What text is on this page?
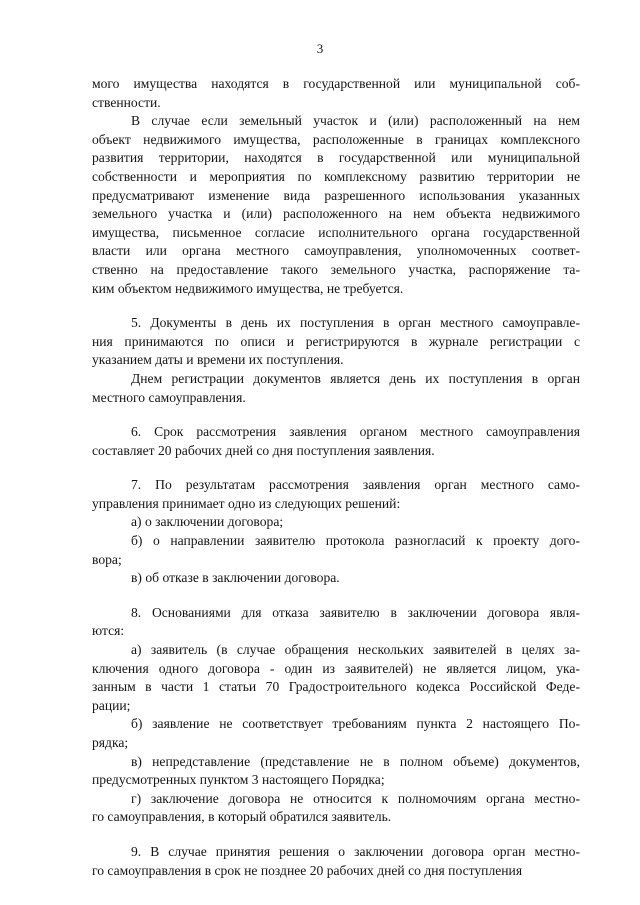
3
мого имущества находятся в государственной или муниципальной соб-
ственности.
В случае если земельный участок и (или) расположенный на нем
объект недвижимого имущества, расположенные в границах комплексного
развития территории, находятся в государственной или муниципальной
собственности и мероприятия по комплексному развитию территории не
предусматривают изменение вида разрешенного использования указанных
земельного участка и (или) расположенного на нем объекта недвижимого
имущества, письменное согласие исполнительного органа государственной
власти или органа местного самоуправления, уполномоченных соответ-
ственно на предоставление такого земельного участка, распоряжение та-
ким объектом недвижимого имущества, не требуется.
5. Документы в день их поступления в орган местного самоуправле-
ния принимаются по описи и регистрируются в журнале регистрации с
указанием даты и времени их поступления.
Днем регистрации документов является день их поступления в орган
местного самоуправления.
6. Срок рассмотрения заявления органом местного самоуправления
составляет 20 рабочих дней со дня поступления заявления.
7. По результатам рассмотрения заявления орган местного само-
управления принимает одно из следующих решений:
а) о заключении договора;
б) о направлении заявителю протокола разногласий к проекту дого-
вора;
в) об отказе в заключении договора.
8. Основаниями для отказа заявителю в заключении договора явля-
ются:
а) заявитель (в случае обращения нескольких заявителей в целях за-
ключения одного договора - один из заявителей) не является лицом, ука-
занным в части 1 статьи 70 Градостроительного кодекса Российской Феде-
рации;
б) заявление не соответствует требованиям пункта 2 настоящего По-
рядка;
в) непредставление (представление не в полном объеме) документов,
предусмотренных пунктом 3 настоящего Порядка;
г) заключение договора не относится к полномочиям органа местно-
го самоуправления, в который обратился заявитель.
9. В случае принятия решения о заключении договора орган местно-
го самоуправления в срок не позднее 20 рабочих дней со дня поступления
